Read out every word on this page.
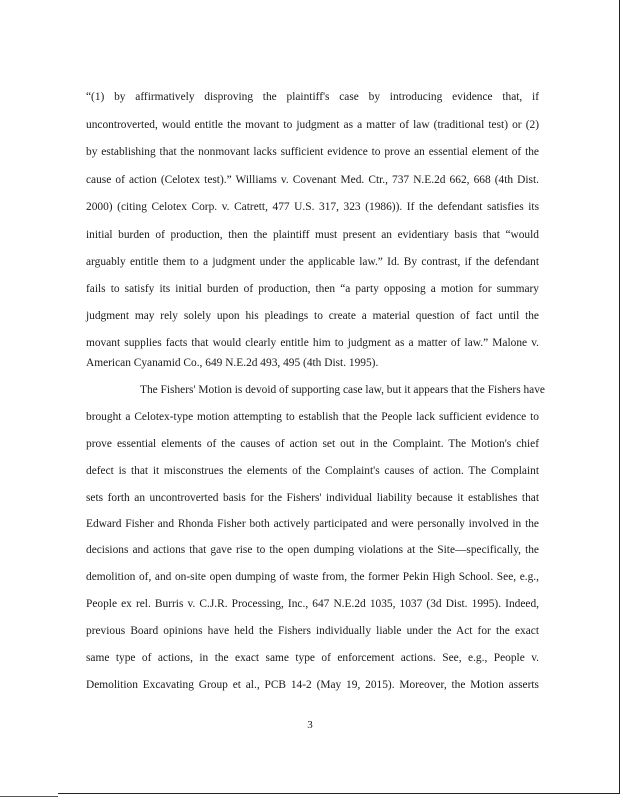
“(1) by affirmatively disproving the plaintiff's case by introducing evidence that, if
uncontroverted, would entitle the movant to judgment as a matter of law (traditional test) or (2)
by establishing that the nonmovant lacks sufficient evidence to prove an essential element of the
cause of action (Celotex test).” Williams v. Covenant Med. Ctr., 737 N.E.2d 662, 668 (4th Dist.
2000) (citing Celotex Corp. v. Catrett, 477 U.S. 317, 323 (1986)). If the defendant satisfies its
initial burden of production, then the plaintiff must present an evidentiary basis that “would
arguably entitle them to a judgment under the applicable law.” Id. By contrast, if the defendant
fails to satisfy its initial burden of production, then “a party opposing a motion for summary
judgment may rely solely upon his pleadings to create a material question of fact until the
movant supplies facts that would clearly entitle him to judgment as a matter of law.” Malone v.
American Cyanamid Co., 649 N.E.2d 493, 495 (4th Dist. 1995).
The Fishers' Motion is devoid of supporting case law, but it appears that the Fishers have
brought a Celotex-type motion attempting to establish that the People lack sufficient evidence to
prove essential elements of the causes of action set out in the Complaint. The Motion's chief
defect is that it misconstrues the elements of the Complaint's causes of action. The Complaint
sets forth an uncontroverted basis for the Fishers' individual liability because it establishes that
Edward Fisher and Rhonda Fisher both actively participated and were personally involved in the
decisions and actions that gave rise to the open dumping violations at the Site—specifically, the
demolition of, and on-site open dumping of waste from, the former Pekin High School. See, e.g.,
People ex rel. Burris v. C.J.R. Processing, Inc., 647 N.E.2d 1035, 1037 (3d Dist. 1995). Indeed,
previous Board opinions have held the Fishers individually liable under the Act for the exact
same type of actions, in the exact same type of enforcement actions. See, e.g., People v.
Demolition Excavating Group et al., PCB 14-2 (May 19, 2015). Moreover, the Motion asserts
3
